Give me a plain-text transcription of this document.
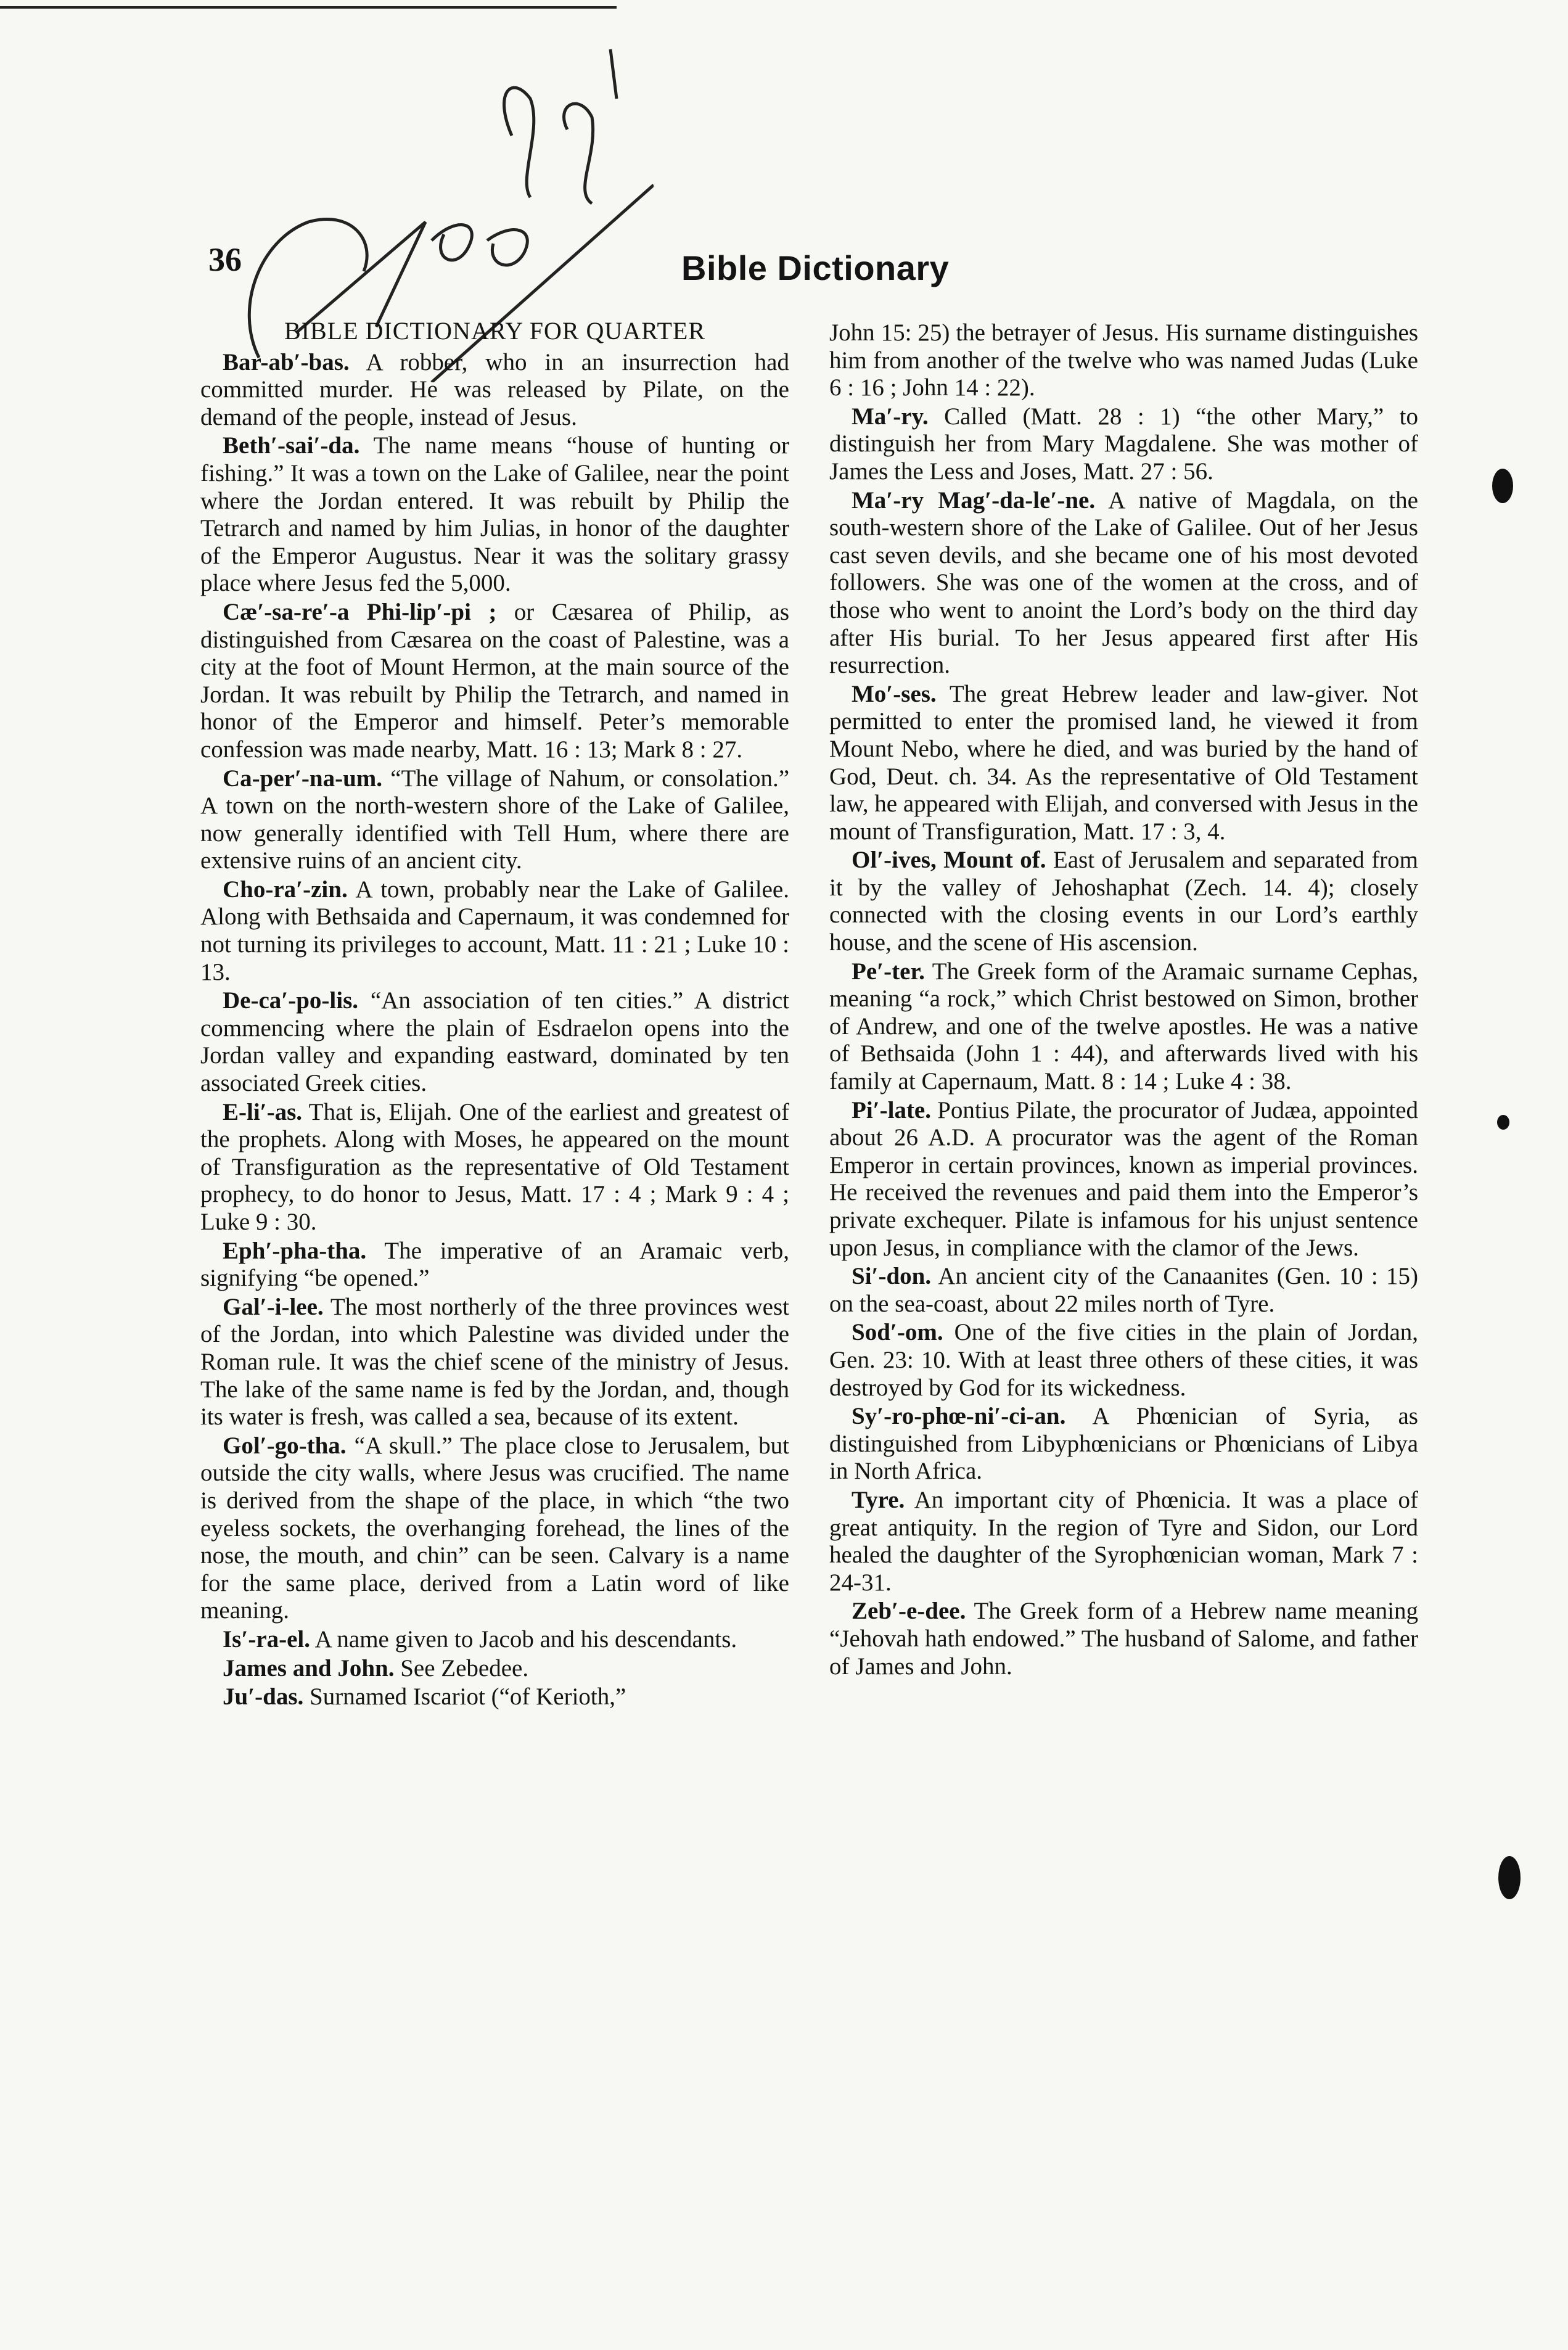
36	Bible Dictionary
BIBLE DICTIONARY FOR QUARTER

Bar-ab′-bas. A robber, who in an insurrection had committed murder. He was released by Pilate, on the demand of the people, instead of Jesus.

Beth′-sai′-da. The name means “house of hunting or fishing.” It was a town on the Lake of Galilee, near the point where the Jordan entered. It was rebuilt by Philip the Tetrarch and named by him Julias, in honor of the daughter of the Emperor Augustus. Near it was the solitary grassy place where Jesus fed the 5,000.

Cæ′-sa-re′-a Phi-lip′-pi ; or Cæsarea of Philip, as distinguished from Cæsarea on the coast of Palestine, was a city at the foot of Mount Hermon, at the main source of the Jordan. It was rebuilt by Philip the Tetrarch, and named in honor of the Emperor and himself. Peter’s memorable confession was made nearby, Matt. 16 : 13; Mark 8 : 27.

Ca-per′-na-um. “The village of Nahum, or consolation.” A town on the north-western shore of the Lake of Galilee, now generally identified with Tell Hum, where there are extensive ruins of an ancient city.

Cho-ra′-zin. A town, probably near the Lake of Galilee. Along with Bethsaida and Capernaum, it was condemned for not turning its privileges to account, Matt. 11 : 21 ; Luke 10 : 13.

De-ca′-po-lis. “An association of ten cities.” A district commencing where the plain of Esdraelon opens into the Jordan valley and expanding eastward, dominated by ten associated Greek cities.

E-li′-as. That is, Elijah. One of the earliest and greatest of the prophets. Along with Moses, he appeared on the mount of Transfiguration as the representative of Old Testament prophecy, to do honor to Jesus, Matt. 17 : 4 ; Mark 9 : 4 ; Luke 9 : 30.

Eph′-pha-tha. The imperative of an Aramaic verb, signifying “be opened.”

Gal′-i-lee. The most northerly of the three provinces west of the Jordan, into which Palestine was divided under the Roman rule. It was the chief scene of the ministry of Jesus. The lake of the same name is fed by the Jordan, and, though its water is fresh, was called a sea, because of its extent.

Gol′-go-tha. “A skull.” The place close to Jerusalem, but outside the city walls, where Jesus was crucified. The name is derived from the shape of the place, in which “the two eyeless sockets, the overhanging forehead, the lines of the nose, the mouth, and chin” can be seen. Calvary is a name for the same place, derived from a Latin word of like meaning.

Is′-ra-el. A name given to Jacob and his descendants.

James and John. See Zebedee.

Ju′-das. Surnamed Iscariot (“of Kerioth,”

John 15: 25) the betrayer of Jesus. His surname distinguishes him from another of the twelve who was named Judas (Luke 6 : 16 ; John 14 : 22).

Ma′-ry. Called (Matt. 28 : 1) “the other Mary,” to distinguish her from Mary Magdalene. She was mother of James the Less and Joses, Matt. 27 : 56.

Ma′-ry Mag′-da-le′-ne. A native of Magdala, on the south-western shore of the Lake of Galilee. Out of her Jesus cast seven devils, and she became one of his most devoted followers. She was one of the women at the cross, and of those who went to anoint the Lord’s body on the third day after His burial. To her Jesus appeared first after His resurrection.

Mo′-ses. The great Hebrew leader and law-giver. Not permitted to enter the promised land, he viewed it from Mount Nebo, where he died, and was buried by the hand of God, Deut. ch. 34. As the representative of Old Testament law, he appeared with Elijah, and conversed with Jesus in the mount of Transfiguration, Matt. 17 : 3, 4.

Ol′-ives, Mount of. East of Jerusalem and separated from it by the valley of Jehoshaphat (Zech. 14. 4); closely connected with the closing events in our Lord’s earthly house, and the scene of His ascension.

Pe′-ter. The Greek form of the Aramaic surname Cephas, meaning “a rock,” which Christ bestowed on Simon, brother of Andrew, and one of the twelve apostles. He was a native of Bethsaida (John 1 : 44), and afterwards lived with his family at Capernaum, Matt. 8 : 14 ; Luke 4 : 38.

Pi′-late. Pontius Pilate, the procurator of Judæa, appointed about 26 A.D. A procurator was the agent of the Roman Emperor in certain provinces, known as imperial provinces. He received the revenues and paid them into the Emperor’s private exchequer. Pilate is infamous for his unjust sentence upon Jesus, in compliance with the clamor of the Jews.

Si′-don. An ancient city of the Canaanites (Gen. 10 : 15) on the sea-coast, about 22 miles north of Tyre.

Sod′-om. One of the five cities in the plain of Jordan, Gen. 23: 10. With at least three others of these cities, it was destroyed by God for its wickedness.

Sy′-ro-phœ-ni′-ci-an. A Phœnician of Syria, as distinguished from Libyphœnicians or Phœnicians of Libya in North Africa.

Tyre. An important city of Phœnicia. It was a place of great antiquity. In the region of Tyre and Sidon, our Lord healed the daughter of the Syrophœnician woman, Mark 7 : 24-31.

Zeb′-e-dee. The Greek form of a Hebrew name meaning “Jehovah hath endowed.” The husband of Salome, and father of James and John.
